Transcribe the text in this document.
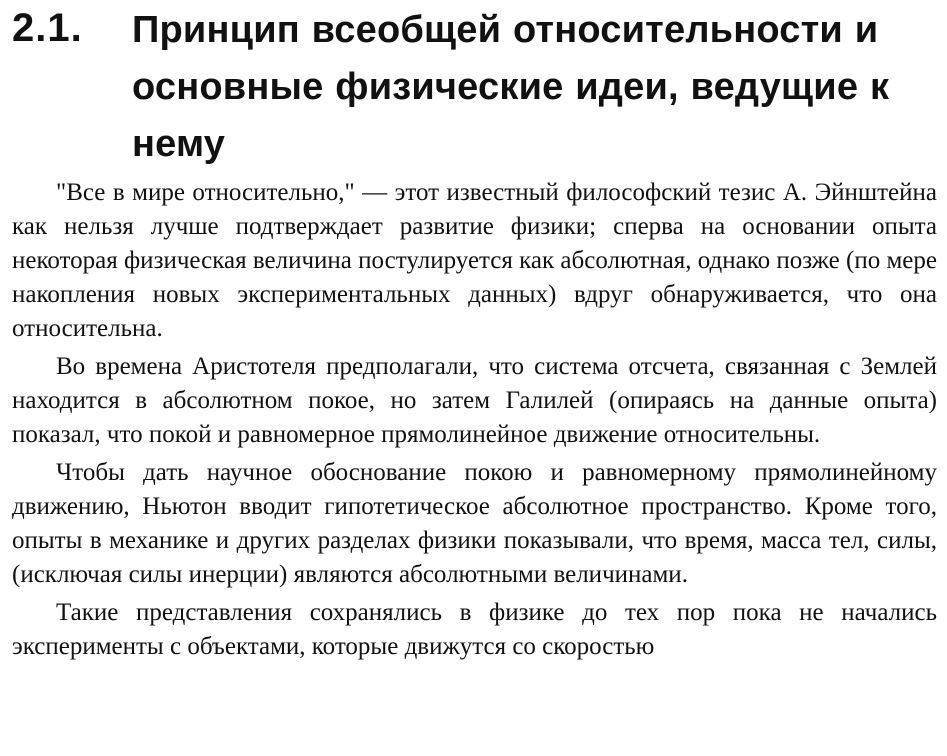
2.1. Принцип всеобщей относительности и основные физические идеи, ведущие к нему

"Все в мире относительно," — этот известный философский тезис А. Эйнштейна как нельзя лучше подтверждает развитие физики; сперва на основании опыта некоторая физическая величина постулируется как абсолютная, однако позже (по мере накопления новых экспериментальных данных) вдруг обнаруживается, что она относительна.

Во времена Аристотеля предполагали, что система отсчета, связанная с Землей находится в абсолютном покое, но затем Галилей (опираясь на данные опыта) показал, что покой и равномерное прямолинейное движение относительны.

Чтобы дать научное обоснование покою и равномерному прямолинейному движению, Ньютон вводит гипотетическое абсолютное пространство. Кроме того, опыты в механике и других разделах физики показывали, что время, масса тел, силы, (исключая силы инерции) являются абсолютными величинами.

Такие представления сохранялись в физике до тех пор пока не начались эксперименты с объектами, которые движутся со скоростью
